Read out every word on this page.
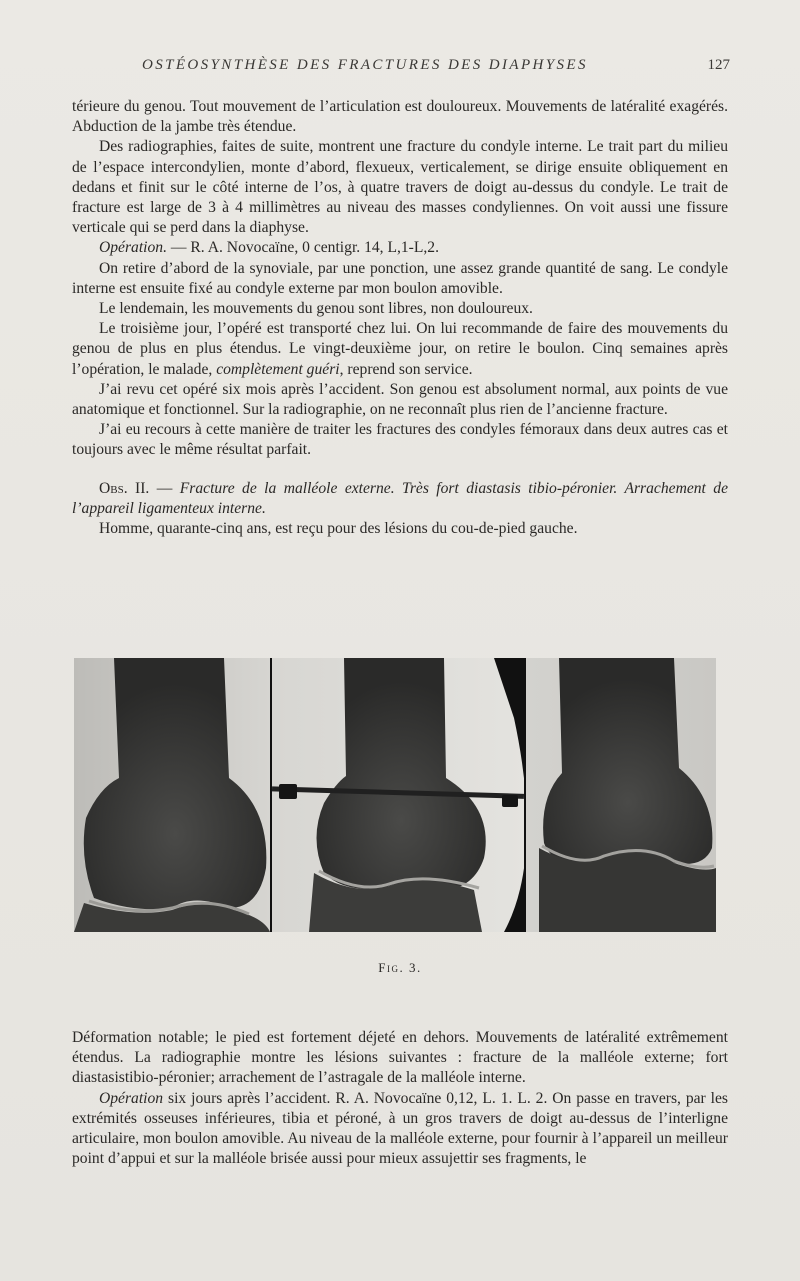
OSTÉOSYNTHÈSE DES FRACTURES DES DIAPHYSES	127

térieure du genou. Tout mouvement de l’articulation est douloureux. Mouvements de latéralité exagérés. Abduction de la jambe très étendue.

Des radiographies, faites de suite, montrent une fracture du condyle interne. Le trait part du milieu de l’espace intercondylien, monte d’abord, flexueux, verticalement, se dirige ensuite obliquement en dedans et finit sur le côté interne de l’os, à quatre travers de doigt au-dessus du condyle. Le trait de fracture est large de 3 à 4 millimètres au niveau des masses condyliennes. On voit aussi une fissure verticale qui se perd dans la diaphyse.

Opération. — R. A. Novocaïne, 0 centigr. 14, L,1-L,2.

On retire d’abord de la synoviale, par une ponction, une assez grande quantité de sang. Le condyle interne est ensuite fixé au condyle externe par mon boulon amovible.

Le lendemain, les mouvements du genou sont libres, non douloureux.

Le troisième jour, l’opéré est transporté chez lui. On lui recommande de faire des mouvements du genou de plus en plus étendus. Le vingt-deuxième jour, on retire le boulon. Cinq semaines après l’opération, le malade, complètement guéri, reprend son service.

J’ai revu cet opéré six mois après l’accident. Son genou est absolument normal, aux points de vue anatomique et fonctionnel. Sur la radiographie, on ne reconnaît plus rien de l’ancienne fracture.

J’ai eu recours à cette manière de traiter les fractures des condyles fémoraux dans deux autres cas et toujours avec le même résultat parfait.

Obs. II. — Fracture de la malléole externe. Très fort diastasis tibio-péronier. Arrachement de l’appareil ligamenteux interne.

Homme, quarante-cinq ans, est reçu pour des lésions du cou-de-pied gauche.

Fig. 3.

Déformation notable; le pied est fortement déjeté en dehors. Mouvements de latéralité extrêmement étendus. La radiographie montre les lésions suivantes : fracture de la malléole externe; fort diastasistibio-péronier; arrachement de l’astragale de la malléole interne.

Opération six jours après l’accident. R. A. Novocaïne 0,12, L. 1. L. 2. On passe en travers, par les extrémités osseuses inférieures, tibia et péroné, à un gros travers de doigt au-dessus de l’interligne articulaire, mon boulon amovible. Au niveau de la malléole externe, pour fournir à l’appareil un meilleur point d’appui et sur la malléole brisée aussi pour mieux assujettir ses fragments, le
